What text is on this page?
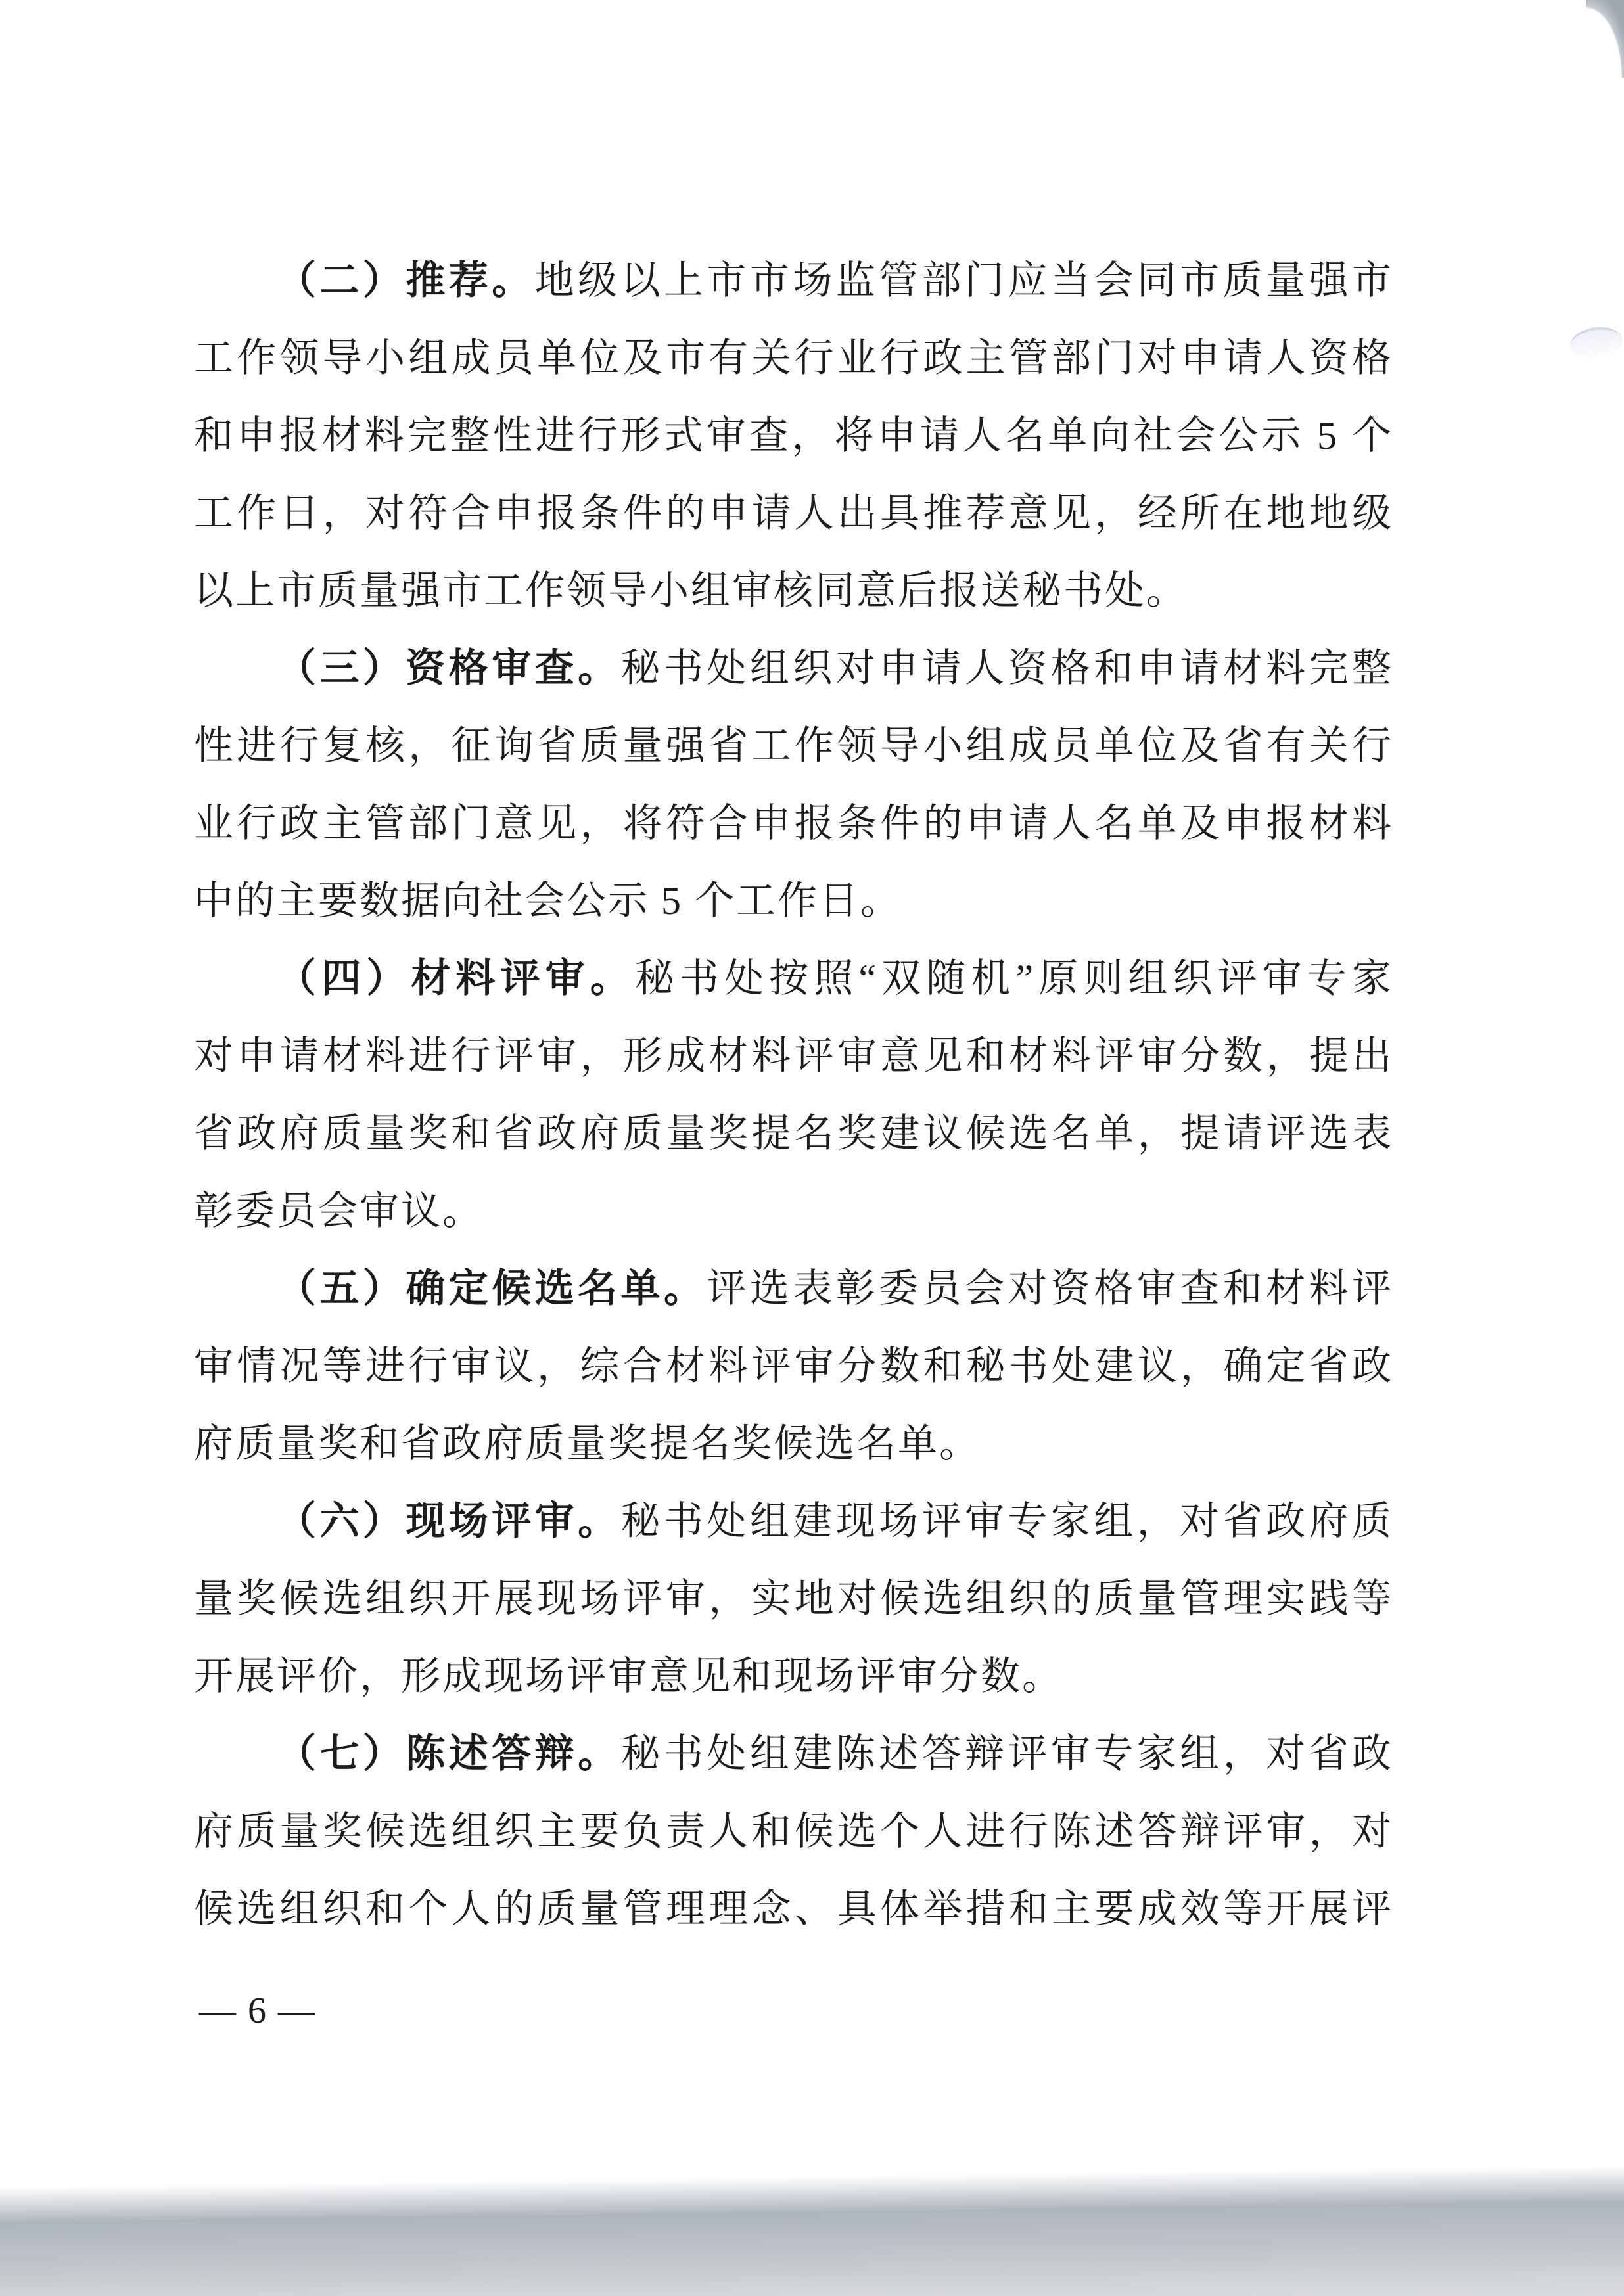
（二）推荐。地级以上市市场监管部门应当会同市质量强市
工作领导小组成员单位及市有关行业行政主管部门对申请人资格
和申报材料完整性进行形式审查，将申请人名单向社会公示 5 个
工作日，对符合申报条件的申请人出具推荐意见，经所在地地级
以上市质量强市工作领导小组审核同意后报送秘书处。
（三）资格审查。秘书处组织对申请人资格和申请材料完整
性进行复核，征询省质量强省工作领导小组成员单位及省有关行
业行政主管部门意见，将符合申报条件的申请人名单及申报材料
中的主要数据向社会公示 5 个工作日。
（四）材料评审。秘书处按照“双随机”原则组织评审专家
对申请材料进行评审，形成材料评审意见和材料评审分数，提出
省政府质量奖和省政府质量奖提名奖建议候选名单，提请评选表
彰委员会审议。
（五）确定候选名单。评选表彰委员会对资格审查和材料评
审情况等进行审议，综合材料评审分数和秘书处建议，确定省政
府质量奖和省政府质量奖提名奖候选名单。
（六）现场评审。秘书处组建现场评审专家组，对省政府质
量奖候选组织开展现场评审，实地对候选组织的质量管理实践等
开展评价，形成现场评审意见和现场评审分数。
（七）陈述答辩。秘书处组建陈述答辩评审专家组，对省政
府质量奖候选组织主要负责人和候选个人进行陈述答辩评审，对
候选组织和个人的质量管理理念、具体举措和主要成效等开展评
— 6 —
